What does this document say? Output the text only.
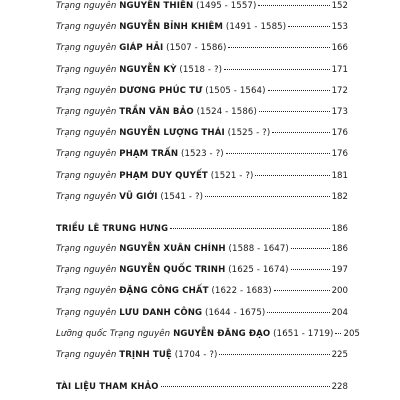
Trạng nguyên NGUYỄN THIẾN (1495 - 1557)	152
Trạng nguyên NGUYỄN BỈNH KHIÊM (1491 - 1585)	153
Trạng nguyên GIÁP HẢI (1507 - 1586)	166
Trạng nguyên NGUYỄN KỲ (1518 - ?)	171
Trạng nguyên DƯƠNG PHÚC TƯ (1505 - 1564)	172
Trạng nguyên TRẦN VĂN BẢO (1524 - 1586)	173
Trạng nguyên NGUYỄN LƯỢNG THÁI (1525 - ?)	176
Trạng nguyên PHẠM TRẤN (1523 - ?)	176
Trạng nguyên PHẠM DUY QUYẾT (1521 - ?)	181
Trạng nguyên VŨ GIỚI (1541 - ?)	182
TRIỀU LÊ TRUNG HƯNG	186
Trạng nguyên NGUYỄN XUÂN CHÍNH (1588 - 1647)	186
Trạng nguyên NGUYỄN QUỐC TRINH (1625 - 1674)	197
Trạng nguyên ĐẶNG CÔNG CHẤT (1622 - 1683)	200
Trạng nguyên LƯU DANH CÔNG (1644 - 1675)	204
Lưỡng quốc Trạng nguyên NGUYỄN ĐĂNG ĐẠO (1651 - 1719) 205
Trạng nguyên TRỊNH TUỆ (1704 - ?)	225
TÀI LIỆU THAM KHẢO	228
